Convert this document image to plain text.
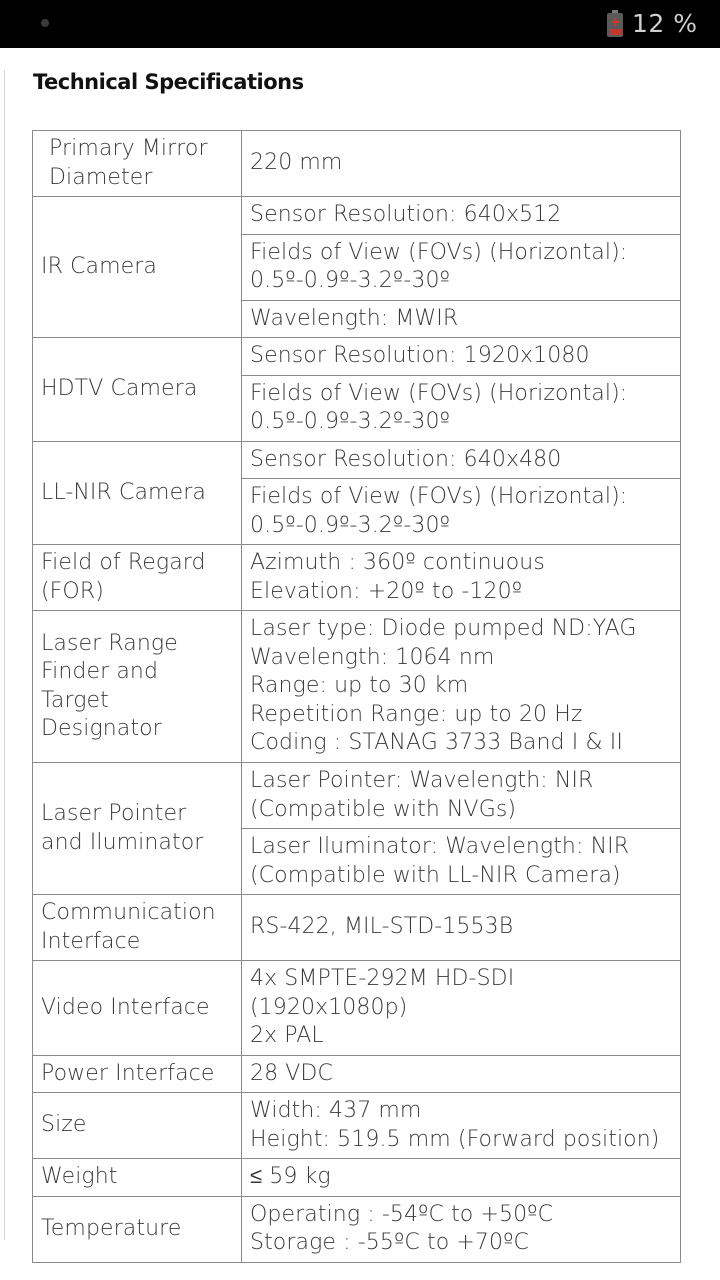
12 %
Technical Specifications
Primary Mirror Diameter	220 mm
IR Camera	Sensor Resolution: 640x512
	Fields of View (FOVs) (Horizontal): 0.5º-0.9º-3.2º-30º
	Wavelength: MWIR
HDTV Camera	Sensor Resolution: 1920x1080
	Fields of View (FOVs) (Horizontal): 0.5º-0.9º-3.2º-30º
LL-NIR Camera	Sensor Resolution: 640x480
	Fields of View (FOVs) (Horizontal): 0.5º-0.9º-3.2º-30º
Field of Regard (FOR)	Azimuth : 360º continuous
Elevation: +20º to -120º
Laser Range Finder and Target Designator	Laser type: Diode pumped ND:YAG
Wavelength: 1064 nm
Range: up to 30 km
Repetition Range: up to 20 Hz
Coding : STANAG 3733 Band I & II
Laser Pointer and Iluminator	Laser Pointer: Wavelength: NIR (Compatible with NVGs)
	Laser Iluminator: Wavelength: NIR (Compatible with LL-NIR Camera)
Communication Interface	RS-422, MIL-STD-1553B
Video Interface	4x SMPTE-292M HD-SDI (1920x1080p)
2x PAL
Power Interface	28 VDC
Size	Width: 437 mm
Height: 519.5 mm (Forward position)
Weight	≤ 59 kg
Temperature	Operating : -54ºC to +50ºC
Storage : -55ºC to +70ºC
